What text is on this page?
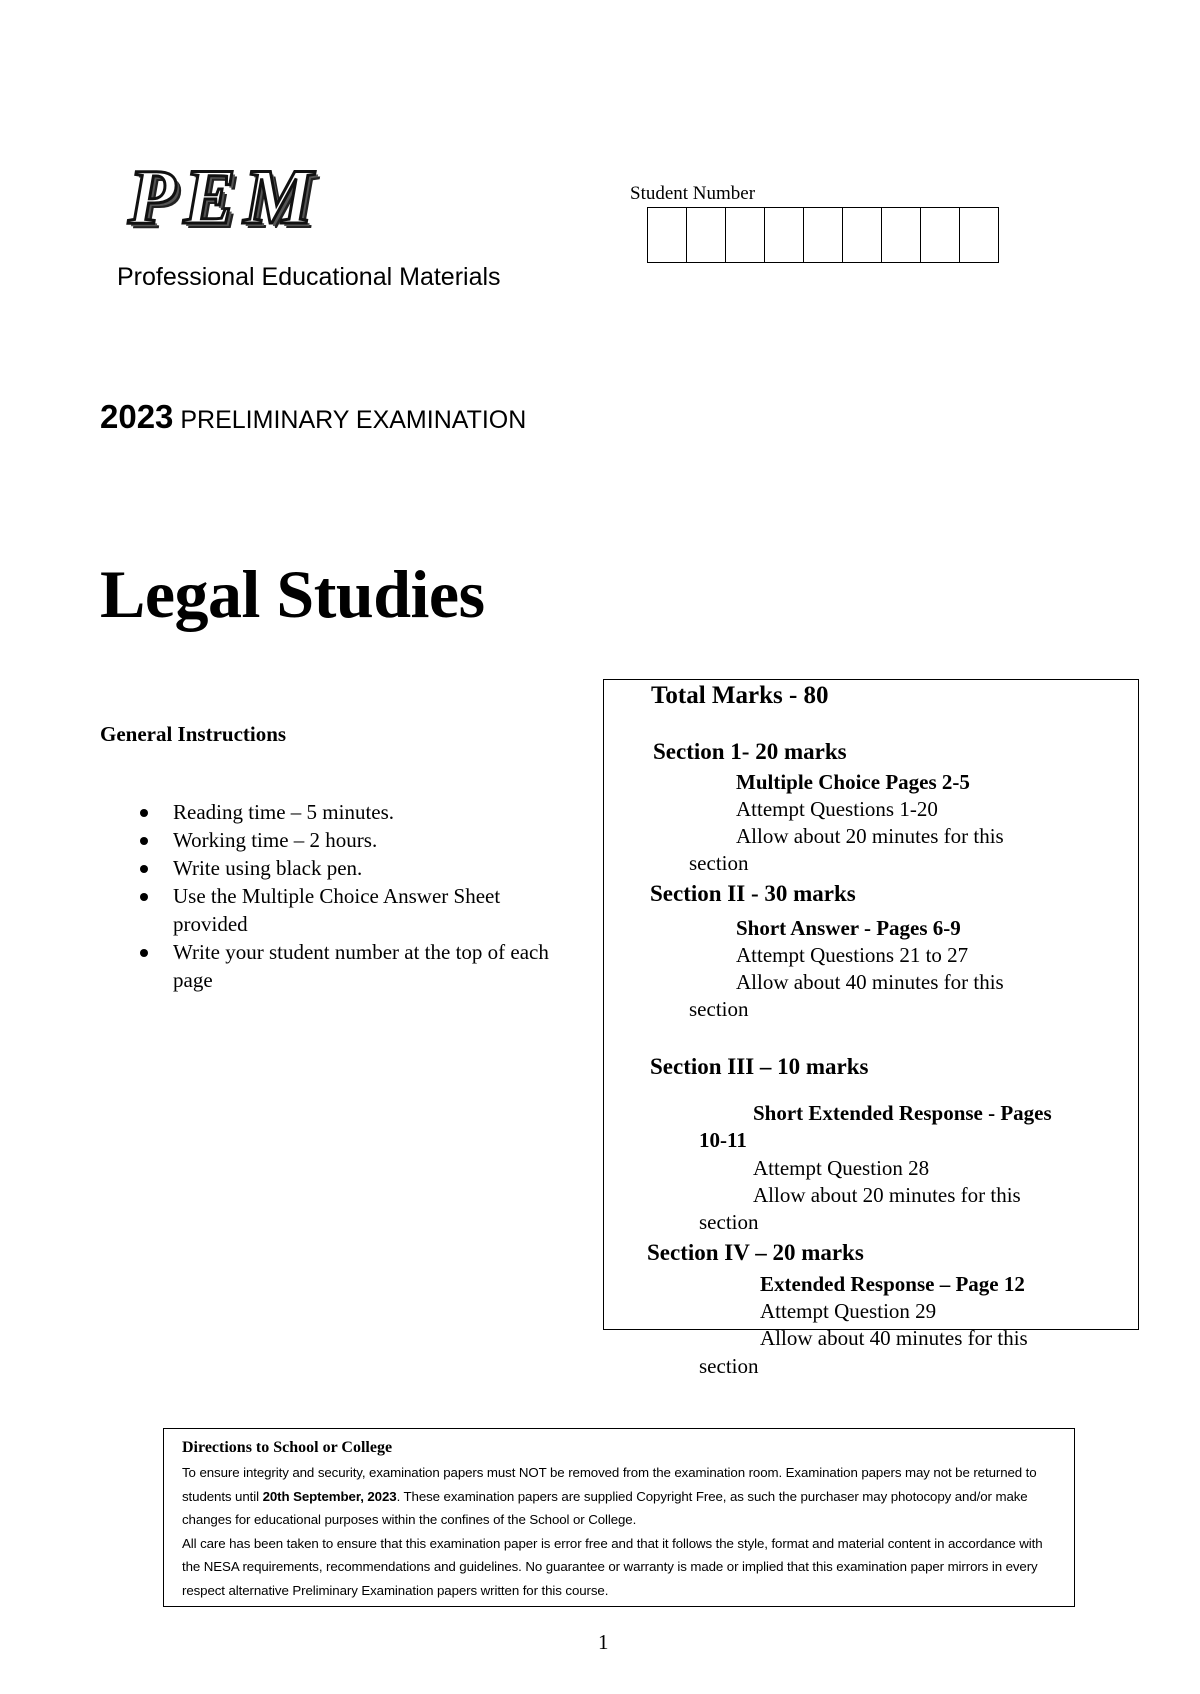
PEM
Professional Educational Materials
Student Number
2023 PRELIMINARY EXAMINATION
Legal Studies
General Instructions
Reading time – 5 minutes.
Working time – 2 hours.
Write using black pen.
Use the Multiple Choice Answer Sheet provided
Write your student number at the top of each page
Total Marks - 80
Section 1- 20 marks
Multiple Choice Pages 2-5
Attempt Questions 1-20
Allow about 20 minutes for this
section
Section II - 30 marks
Short Answer - Pages 6-9
Attempt Questions 21 to 27
Allow about 40 minutes for this
section
Section III – 10 marks
Short Extended Response - Pages
10-11
Attempt Question 28
Allow about 20 minutes for this
section
Section IV – 20 marks
Extended Response – Page 12
Attempt Question 29
Allow about 40 minutes for this
section
Directions to School or College

To ensure integrity and security, examination papers must NOT be removed from the examination room. Examination papers may not be returned to students until 20th September, 2023. These examination papers are supplied Copyright Free, as such the purchaser may photocopy and/or make changes for educational purposes within the confines of the School or College.

All care has been taken to ensure that this examination paper is error free and that it follows the style, format and material content in accordance with the NESA requirements, recommendations and guidelines. No guarantee or warranty is made or implied that this examination paper mirrors in every respect alternative Preliminary Examination papers written for this course.

1
